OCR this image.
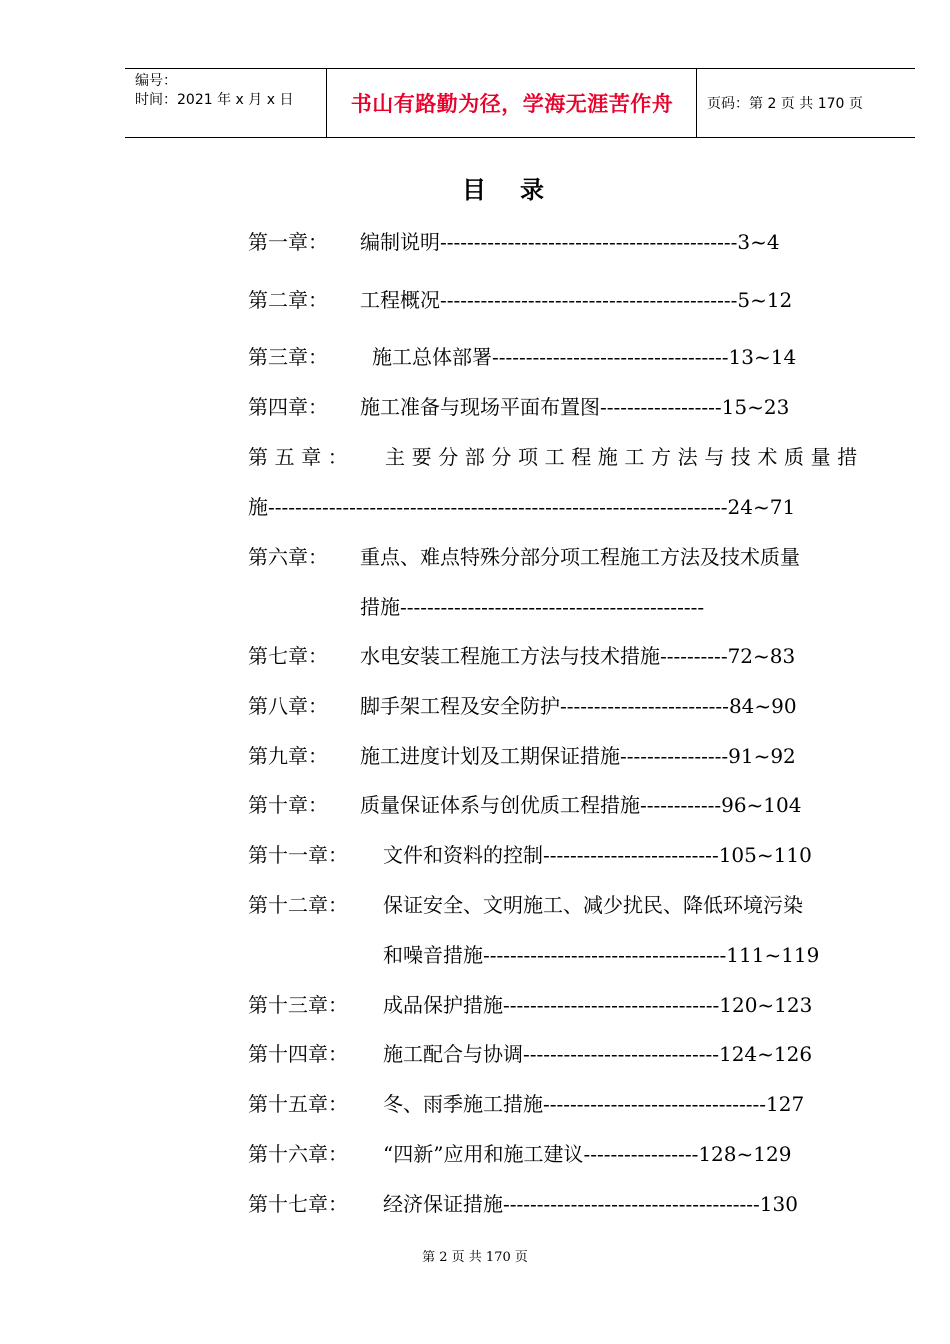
编号：
时间：2021 年 x 月 x 日	书山有路勤为径，学海无涯苦作舟	页码：第 2 页 共 170 页
目录
第一章： 编制说明--------------------------------------------3~4
第二章： 工程概况--------------------------------------------5~12
第三章： 施工总体部署-----------------------------------13~14
第四章： 施工准备与现场平面布置图------------------15~23
第五章： 主要分部分项工程施工方法与技术质量措
施--------------------------------------------------------------------24~71
第六章： 重点、难点特殊分部分项工程施工方法及技术质量
措施---------------------------------------------
第七章： 水电安装工程施工方法与技术措施----------72~83
第八章： 脚手架工程及安全防护-------------------------84~90
第九章： 施工进度计划及工期保证措施----------------91~92
第十章： 质量保证体系与创优质工程措施------------96~104
第十一章： 文件和资料的控制--------------------------105~110
第十二章： 保证安全、文明施工、减少扰民、降低环境污染
和噪音措施------------------------------------111~119
第十三章： 成品保护措施--------------------------------120~123
第十四章： 施工配合与协调-----------------------------124~126
第十五章： 冬、雨季施工措施---------------------------------127
第十六章： “四新”应用和施工建议-----------------128~129
第十七章： 经济保证措施--------------------------------------130
第 2 页 共 170 页
